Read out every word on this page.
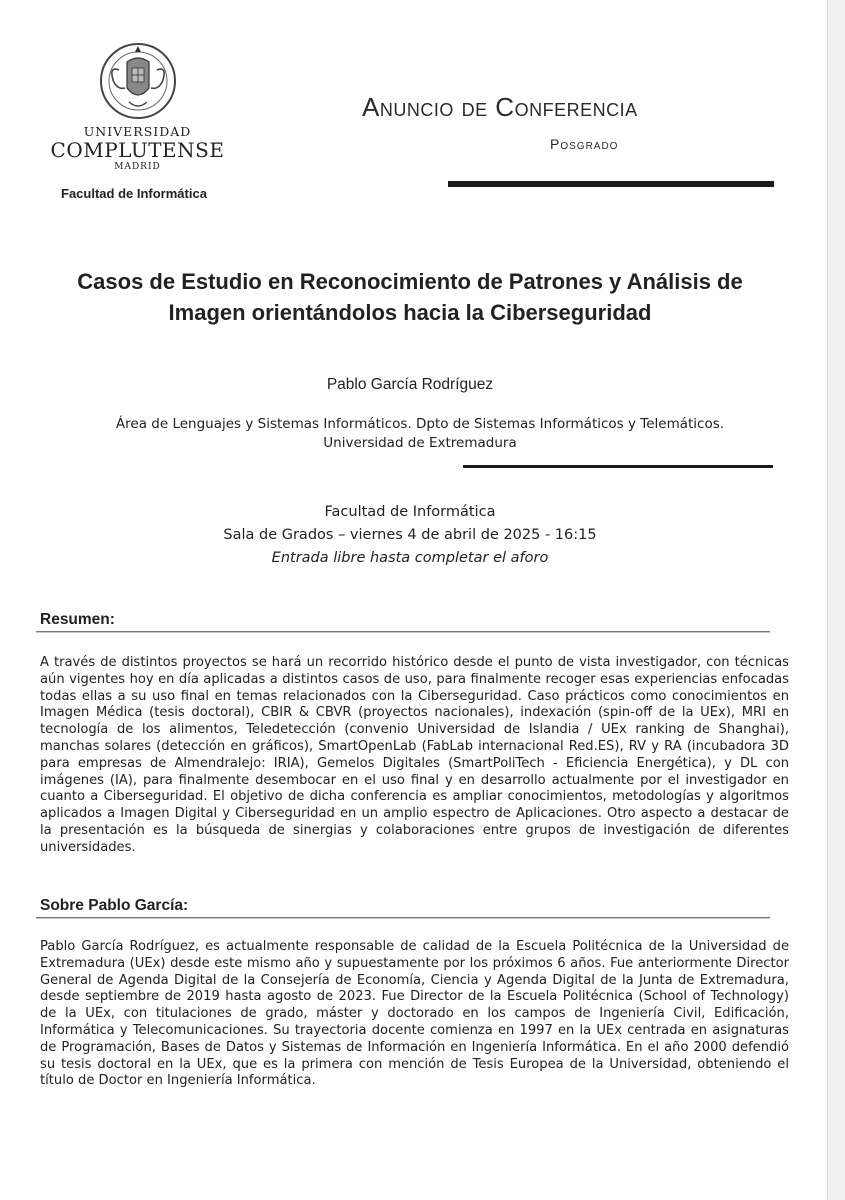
UNIVERSIDAD
COMPLUTENSE
MADRID
Facultad de Informática
Anuncio de Conferencia
Posgrado
Casos de Estudio en Reconocimiento de Patrones y Análisis de Imagen orientándolos hacia la Ciberseguridad
Pablo García Rodríguez
Área de Lenguajes y Sistemas Informáticos. Dpto de Sistemas Informáticos y Telemáticos.
Universidad de Extremadura
Facultad de Informática
Sala de Grados – viernes 4 de abril de 2025 - 16:15
Entrada libre hasta completar el aforo
Resumen:
A través de distintos proyectos se hará un recorrido histórico desde el punto de vista investigador, con técnicas aún vigentes hoy en día aplicadas a distintos casos de uso, para finalmente recoger esas experiencias enfocadas todas ellas a su uso final en temas relacionados con la Ciberseguridad. Caso prácticos como conocimientos en Imagen Médica (tesis doctoral), CBIR & CBVR (proyectos nacionales), indexación (spin-off de la UEx), MRI en tecnología de los alimentos, Teledetección (convenio Universidad de Islandia / UEx ranking de Shanghai), manchas solares (detección en gráficos), SmartOpenLab (FabLab internacional Red.ES), RV y RA (incubadora 3D para empresas de Almendralejo: IRIA), Gemelos Digitales (SmartPoliTech - Eficiencia Energética), y DL con imágenes (IA), para finalmente desembocar en el uso final y en desarrollo actualmente por el investigador en cuanto a Ciberseguridad. El objetivo de dicha conferencia es ampliar conocimientos, metodologías y algoritmos aplicados a Imagen Digital y Ciberseguridad en un amplio espectro de Aplicaciones. Otro aspecto a destacar de la presentación es la búsqueda de sinergias y colaboraciones entre grupos de investigación de diferentes universidades.
Sobre Pablo García:
Pablo García Rodríguez, es actualmente responsable de calidad de la Escuela Politécnica de la Universidad de Extremadura (UEx) desde este mismo año y supuestamente por los próximos 6 años. Fue anteriormente Director General de Agenda Digital de la Consejería de Economía, Ciencia y Agenda Digital de la Junta de Extremadura, desde septiembre de 2019 hasta agosto de 2023. Fue Director de la Escuela Politécnica (School of Technology) de la UEx, con titulaciones de grado, máster y doctorado en los campos de Ingeniería Civil, Edificación, Informática y Telecomunicaciones. Su trayectoria docente comienza en 1997 en la UEx centrada en asignaturas de Programación, Bases de Datos y Sistemas de Información en Ingeniería Informática. En el año 2000 defendió su tesis doctoral en la UEx, que es la primera con mención de Tesis Europea de la Universidad, obteniendo el título de Doctor en Ingeniería Informática.
